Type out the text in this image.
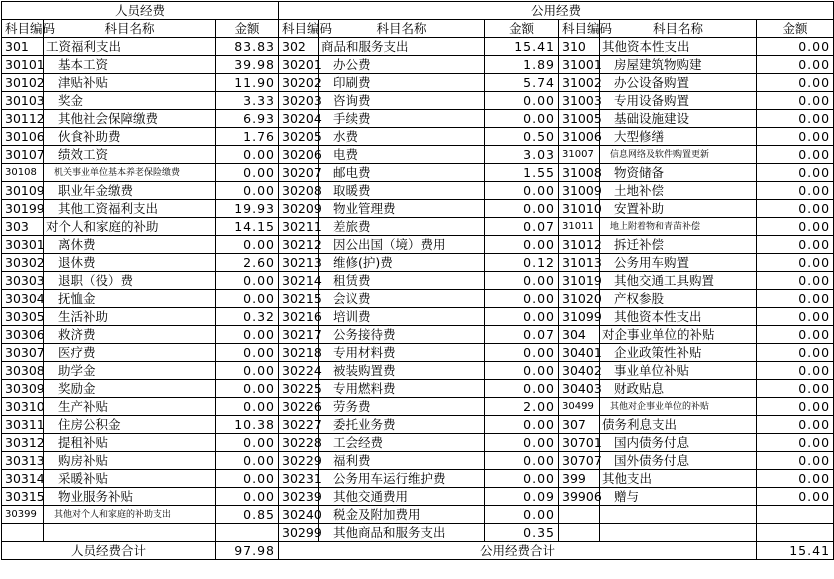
人员经费			公用经费					
科目编码	科目名称	金额	科目编码	科目名称	金额	科目编码	科目名称	金额
301	工资福利支出	83.83	302	商品和服务支出	15.41	310	其他资本性支出	0.00
30101	基本工资	39.98	30201	办公费	1.89	31001	房屋建筑物购建	0.00
30102	津贴补贴	11.90	30202	印刷费	5.74	31002	办公设备购置	0.00
30103	奖金	3.33	30203	咨询费	0.00	31003	专用设备购置	0.00
30112	其他社会保障缴费	6.93	30204	手续费	0.00	31005	基础设施建设	0.00
30106	伙食补助费	1.76	30205	水费	0.50	31006	大型修缮	0.00
30107	绩效工资	0.00	30206	电费	3.03	31007	信息网络及软件购置更新	0.00
30108	机关事业单位基本养老保险缴费	0.00	30207	邮电费	1.55	31008	物资储备	0.00
30109	职业年金缴费	0.00	30208	取暖费	0.00	31009	土地补偿	0.00
30199	其他工资福利支出	19.93	30209	物业管理费	0.00	31010	安置补助	0.00
303	对个人和家庭的补助	14.15	30211	差旅费	0.07	31011	地上附着物和青苗补偿	0.00
30301	离休费	0.00	30212	因公出国（境）费用	0.00	31012	拆迁补偿	0.00
30302	退休费	2.60	30213	维修(护)费	0.12	31013	公务用车购置	0.00
30303	退职（役）费	0.00	30214	租赁费	0.00	31019	其他交通工具购置	0.00
30304	抚恤金	0.00	30215	会议费	0.00	31020	产权参股	0.00
30305	生活补助	0.32	30216	培训费	0.00	31099	其他资本性支出	0.00
30306	救济费	0.00	30217	公务接待费	0.07	304	对企事业单位的补贴	0.00
30307	医疗费	0.00	30218	专用材料费	0.00	30401	企业政策性补贴	0.00
30308	助学金	0.00	30224	被装购置费	0.00	30402	事业单位补贴	0.00
30309	奖励金	0.00	30225	专用燃料费	0.00	30403	财政贴息	0.00
30310	生产补贴	0.00	30226	劳务费	2.00	30499	其他对企事业单位的补贴	0.00
30311	住房公积金	10.38	30227	委托业务费	0.00	307	债务利息支出	0.00
30312	提租补贴	0.00	30228	工会经费	0.00	30701	国内债务付息	0.00
30313	购房补贴	0.00	30229	福利费	0.00	30707	国外债务付息	0.00
30314	采暖补贴	0.00	30231	公务用车运行维护费	0.00	399	其他支出	0.00
30315	物业服务补贴	0.00	30239	其他交通费用	0.09	39906	赠与	0.00
30399	其他对个人和家庭的补助支出	0.85	30240	税金及附加费用	0.00			
			30299	其他商品和服务支出	0.35			
人员经费合计		97.98	公用经费合计					15.41
